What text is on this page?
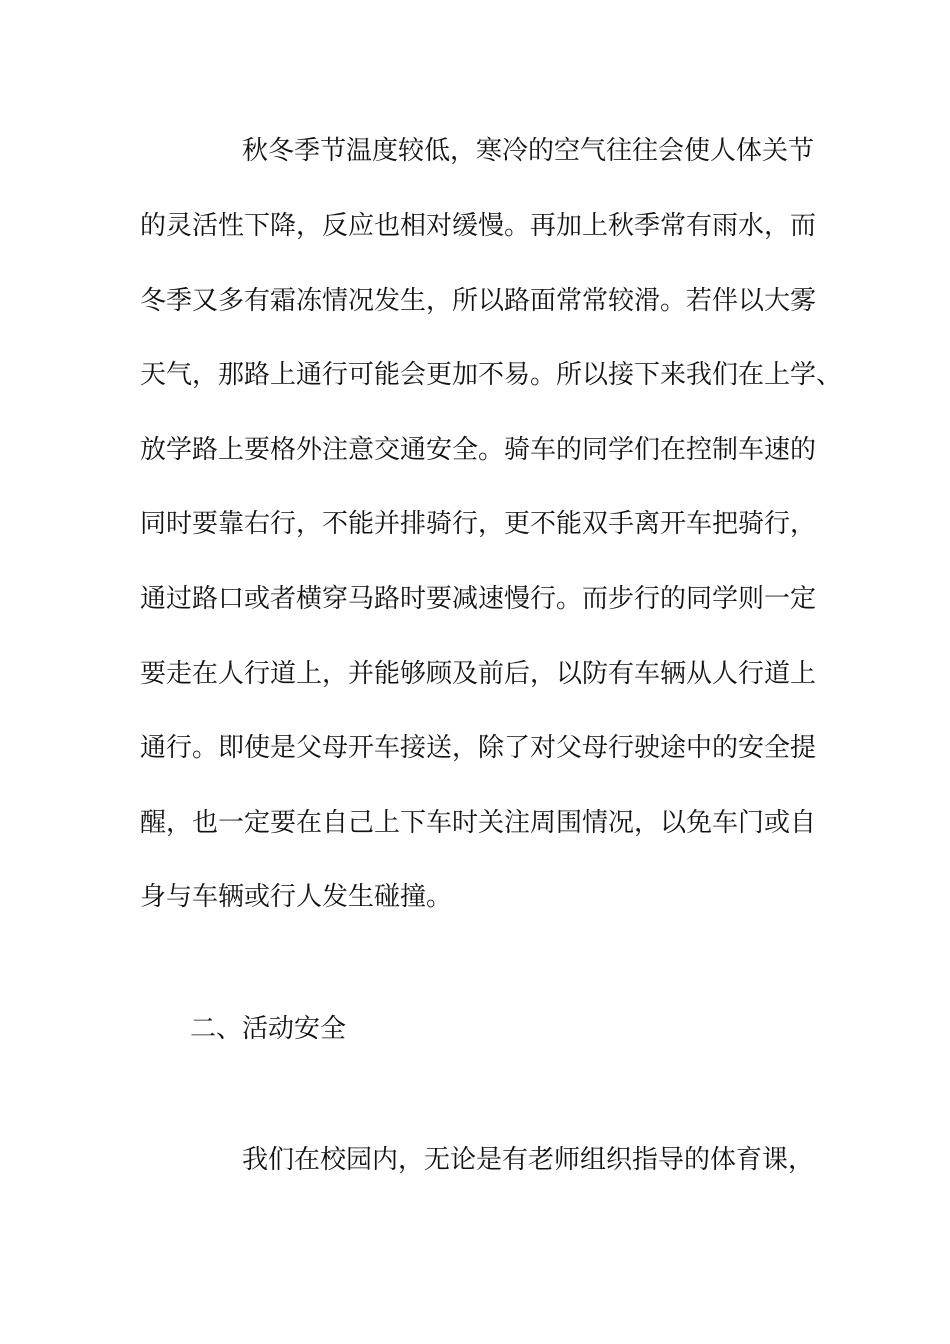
秋冬季节温度较低，寒冷的空气往往会使人体关节
的灵活性下降，反应也相对缓慢。再加上秋季常有雨水，而
冬季又多有霜冻情况发生，所以路面常常较滑。若伴以大雾
天气，那路上通行可能会更加不易。所以接下来我们在上学、
放学路上要格外注意交通安全。骑车的同学们在控制车速的
同时要靠右行，不能并排骑行，更不能双手离开车把骑行，
通过路口或者横穿马路时要减速慢行。而步行的同学则一定
要走在人行道上，并能够顾及前后，以防有车辆从人行道上
通行。即使是父母开车接送，除了对父母行驶途中的安全提
醒，也一定要在自己上下车时关注周围情况，以免车门或自
身与车辆或行人发生碰撞。
二、活动安全
我们在校园内，无论是有老师组织指导的体育课，
